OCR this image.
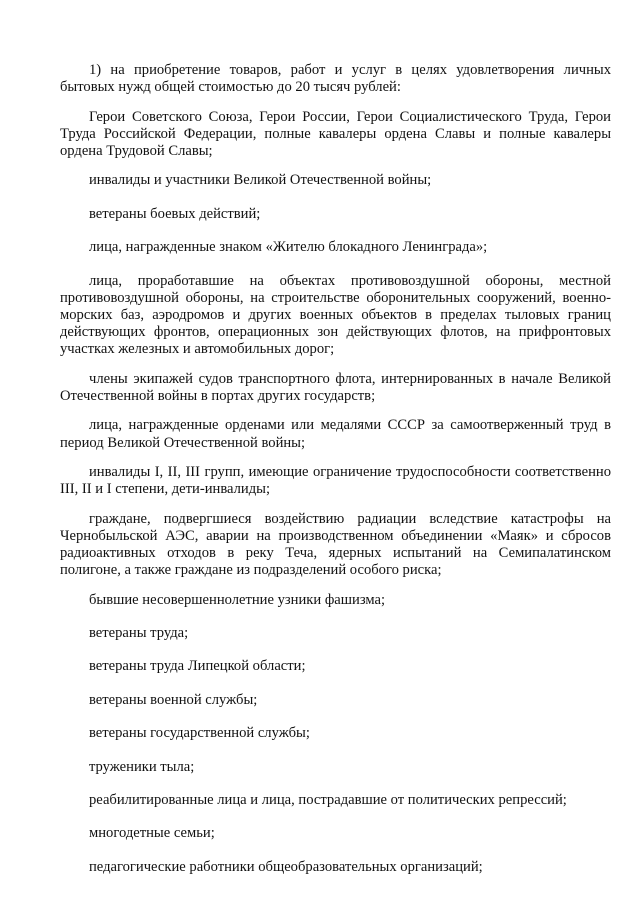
1) на приобретение товаров, работ и услуг в целях удовлетворения личных бытовых нужд общей стоимостью до 20 тысяч рублей:

Герои Советского Союза, Герои России, Герои Социалистического Труда, Герои Труда Российской Федерации, полные кавалеры ордена Славы и полные кавалеры ордена Трудовой Славы;

инвалиды и участники Великой Отечественной войны;

ветераны боевых действий;

лица, награжденные знаком «Жителю блокадного Ленинграда»;

лица, проработавшие на объектах противовоздушной обороны, местной противовоздушной обороны, на строительстве оборонительных сооружений, военно-морских баз, аэродромов и других военных объектов в пределах тыловых границ действующих фронтов, операционных зон действующих флотов, на прифронтовых участках железных и автомобильных дорог;

члены экипажей судов транспортного флота, интернированных в начале Великой Отечественной войны в портах других государств;

лица, награжденные орденами или медалями СССР за самоотверженный труд в период Великой Отечественной войны;

инвалиды I, II, III групп, имеющие ограничение трудоспособности соответственно III, II и I степени, дети-инвалиды;

граждане, подвергшиеся воздействию радиации вследствие катастрофы на Чернобыльской АЭС, аварии на производственном объединении «Маяк» и сбросов радиоактивных отходов в реку Теча, ядерных испытаний на Семипалатинском полигоне, а также граждане из подразделений особого риска;

бывшие несовершеннолетние узники фашизма;

ветераны труда;

ветераны труда Липецкой области;

ветераны военной службы;

ветераны государственной службы;

труженики тыла;

реабилитированные лица и лица, пострадавшие от политических репрессий;

многодетные семьи;

педагогические работники общеобразовательных организаций;
